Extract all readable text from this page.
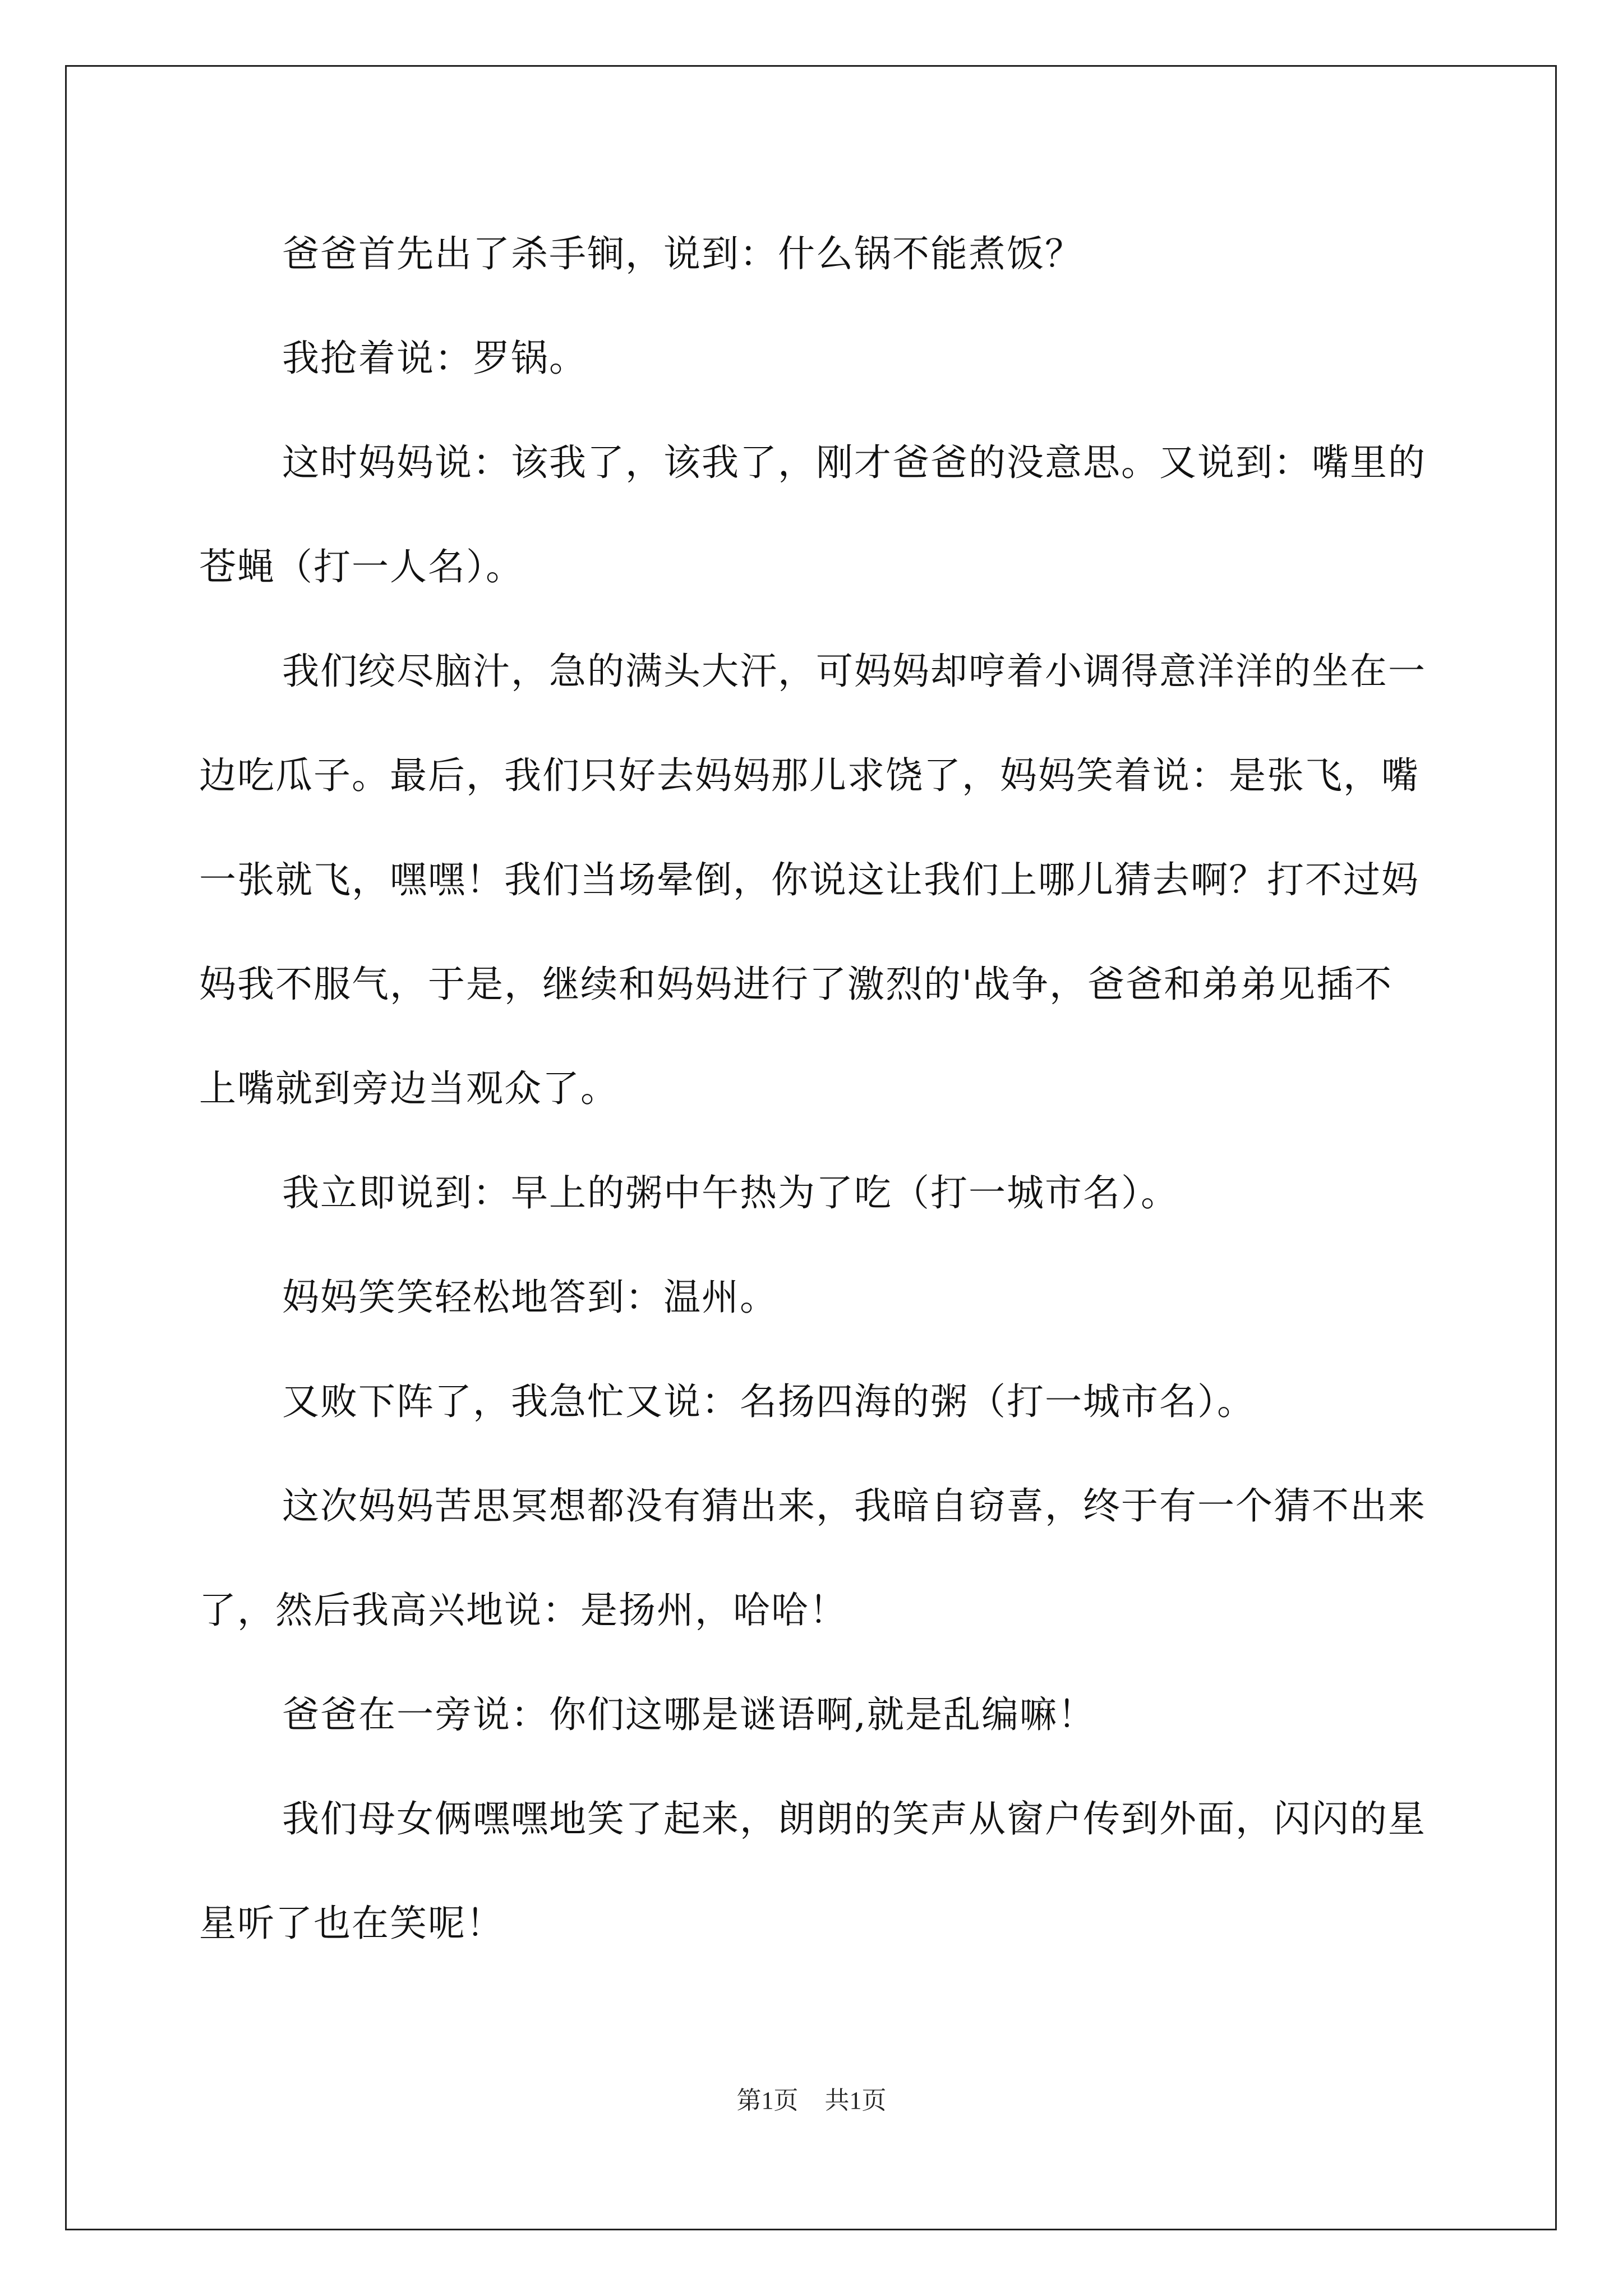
爸爸首先出了杀手锏，说到：什么锅不能煮饭？

我抢着说：罗锅。

这时妈妈说：该我了，该我了，刚才爸爸的没意思。又说到：嘴里的苍蝇（打一人名）。

我们绞尽脑汁，急的满头大汗，可妈妈却哼着小调得意洋洋的坐在一边吃瓜子。最后，我们只好去妈妈那儿求饶了，妈妈笑着说：是张飞，嘴一张就飞，嘿嘿！我们当场晕倒，你说这让我们上哪儿猜去啊？打不过妈妈我不服气，于是，继续和妈妈进行了激烈的'战争，爸爸和弟弟见插不上嘴就到旁边当观众了。

我立即说到：早上的粥中午热为了吃（打一城市名）。

妈妈笑笑轻松地答到：温州。

又败下阵了，我急忙又说：名扬四海的粥（打一城市名）。

这次妈妈苦思冥想都没有猜出来，我暗自窃喜，终于有一个猜不出来了，然后我高兴地说：是扬州，哈哈！

爸爸在一旁说：你们这哪是谜语啊,就是乱编嘛！

我们母女俩嘿嘿地笑了起来，朗朗的笑声从窗户传到外面，闪闪的星星听了也在笑呢！

第1页 共1页
